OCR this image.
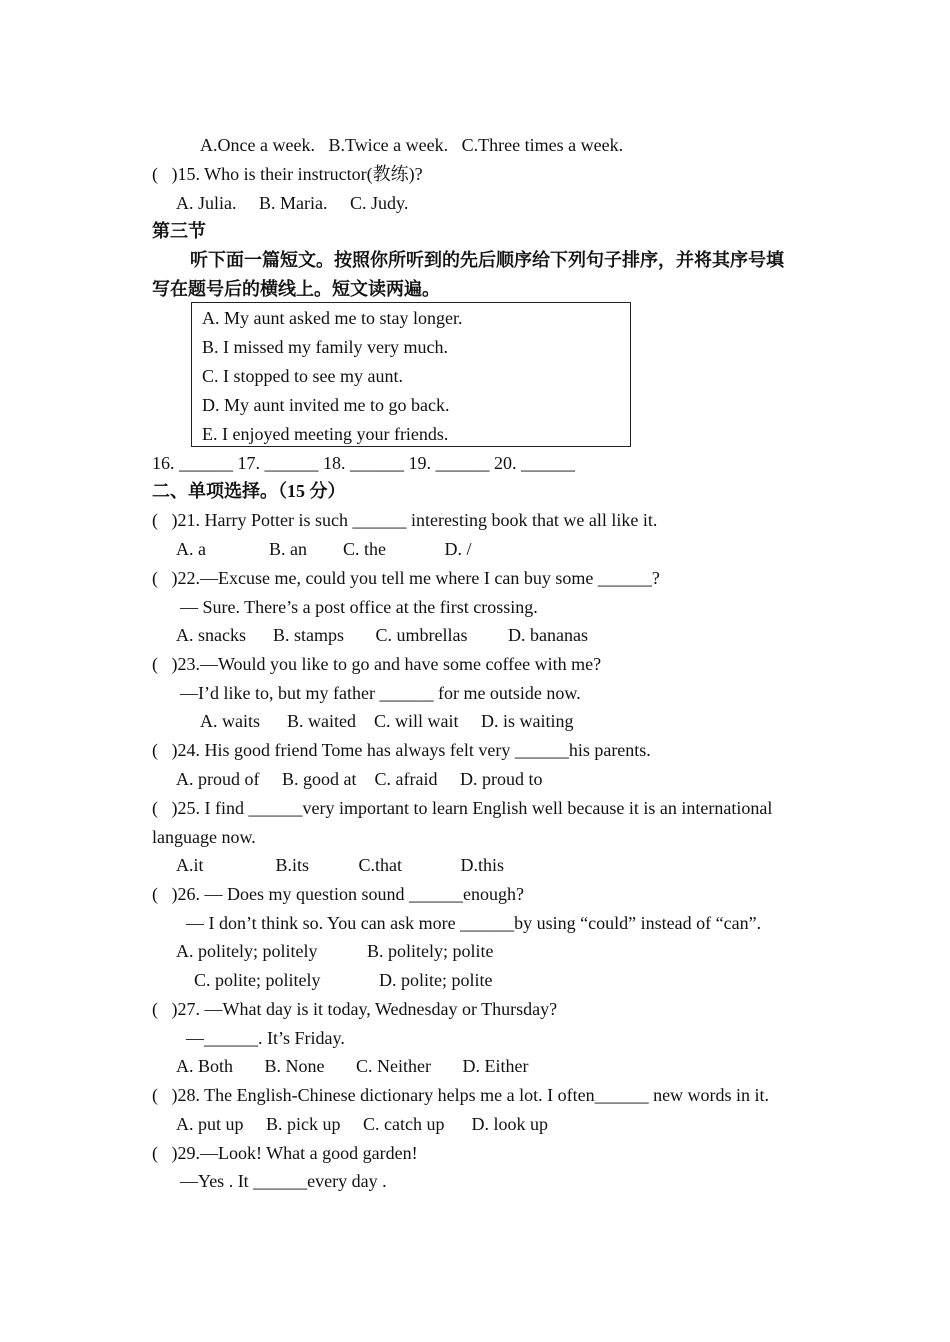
A.Once a week.   B.Twice a week.   C.Three times a week.
(   )15. Who is their instructor(教练)?
A. Julia.     B. Maria.     C. Judy.
第三节
听下面一篇短文。按照你所听到的先后顺序给下列句子排序，并将其序号填
写在题号后的横线上。短文读两遍。
A. My aunt asked me to stay longer.
B. I missed my family very much.
C. I stopped to see my aunt.
D. My aunt invited me to go back.
E. I enjoyed meeting your friends.
16. ______ 17. ______ 18. ______ 19. ______ 20. ______
二、单项选择。（15 分）
(   )21. Harry Potter is such ______ interesting book that we all like it.
A. a              B. an        C. the             D. /
(   )22.—Excuse me, could you tell me where I can buy some ______?
— Sure. There’s a post office at the first crossing.
A. snacks      B. stamps       C. umbrellas         D. bananas
(   )23.—Would you like to go and have some coffee with me?
—I’d like to, but my father ______ for me outside now.
A. waits      B. waited    C. will wait     D. is waiting
(   )24. His good friend Tome has always felt very ______his parents.
A. proud of     B. good at    C. afraid     D. proud to
(   )25. I find ______very important to learn English well because it is an international
language now.
A.it                B.its           C.that             D.this
(   )26. — Does my question sound ______enough?
— I don’t think so. You can ask more ______by using “could” instead of “can”.
A. politely; politely           B. politely; polite
C. polite; politely             D. polite; polite
(   )27. —What day is it today, Wednesday or Thursday?
—______. It’s Friday.
A. Both       B. None       C. Neither       D. Either
(   )28. The English-Chinese dictionary helps me a lot. I often______ new words in it.
A. put up     B. pick up     C. catch up      D. look up
(   )29.—Look! What a good garden!
—Yes . It ______every day .
